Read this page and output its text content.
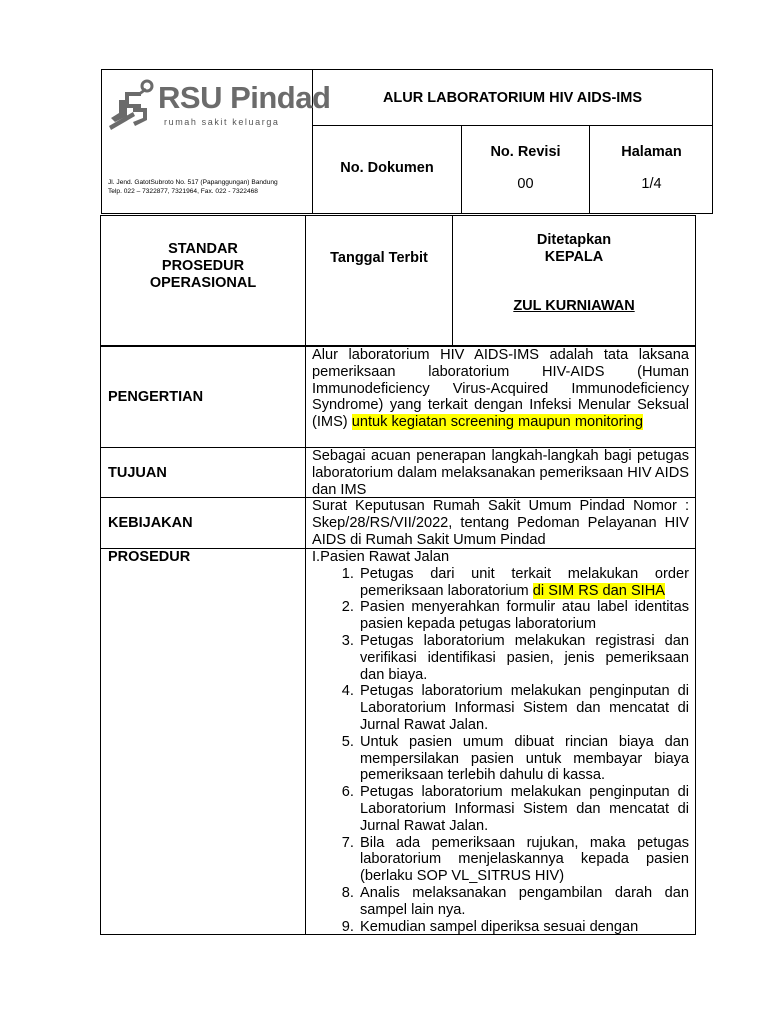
RSU Pindad
rumah sakit keluarga
Jl. Jend. GatotSubroto No. 517 (Papanggungan) Bandung
Telp. 022 – 7322877, 7321964, Fax. 022 - 7322468
ALUR LABORATORIUM HIV AIDS-IMS
No. Dokumen
No. Revisi
00
Halaman
1/4
STANDAR PROSEDUR OPERASIONAL
Tanggal Terbit
Ditetapkan
KEPALA
ZUL KURNIAWAN
PENGERTIAN
Alur laboratorium HIV AIDS-IMS adalah tata laksana pemeriksaan laboratorium HIV-AIDS (Human Immunodeficiency Virus-Acquired Immunodeficiency Syndrome) yang terkait dengan Infeksi Menular Seksual (IMS) untuk kegiatan screening maupun monitoring
TUJUAN
Sebagai acuan penerapan langkah-langkah bagi petugas laboratorium dalam melaksanakan pemeriksaan HIV AIDS dan IMS
KEBIJAKAN
Surat Keputusan Rumah Sakit Umum Pindad Nomor : Skep/28/RS/VII/2022, tentang Pedoman Pelayanan HIV AIDS di Rumah Sakit Umum Pindad
PROSEDUR	I.Pasien Rawat Jalan
1. Petugas dari unit terkait melakukan order pemeriksaan laboratorium di SIM RS dan SIHA
2. Pasien menyerahkan formulir atau label identitas pasien kepada petugas laboratorium
3. Petugas laboratorium melakukan registrasi dan verifikasi identifikasi pasien, jenis pemeriksaan dan biaya.
4. Petugas laboratorium melakukan penginputan di Laboratorium Informasi Sistem dan mencatat di Jurnal Rawat Jalan.
5. Untuk pasien umum dibuat rincian biaya dan mempersilakan pasien untuk membayar biaya pemeriksaan terlebih dahulu di kassa.
6. Petugas laboratorium melakukan penginputan di Laboratorium Informasi Sistem dan mencatat di Jurnal Rawat Jalan.
7. Bila ada pemeriksaan rujukan, maka petugas laboratorium menjelaskannya kepada pasien (berlaku SOP VL_SITRUS HIV)
8. Analis melaksanakan pengambilan darah dan sampel lain nya.
9. Kemudian sampel diperiksa sesuai dengan
